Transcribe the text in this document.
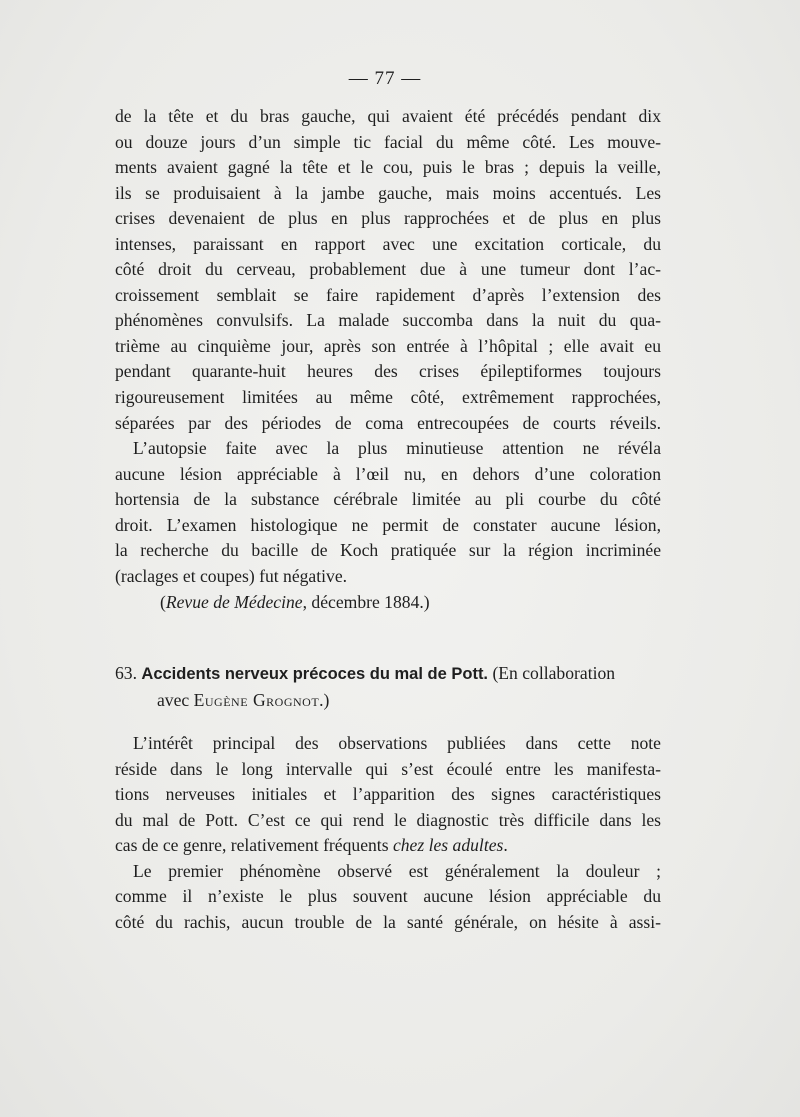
— 77 —
de la tête et du bras gauche, qui avaient été précédés pendant dix
ou douze jours d’un simple tic facial du même côté. Les mouve-
ments avaient gagné la tête et le cou, puis le bras ; depuis la veille,
ils se produisaient à la jambe gauche, mais moins accentués. Les
crises devenaient de plus en plus rapprochées et de plus en plus
intenses, paraissant en rapport avec une excitation corticale, du
côté droit du cerveau, probablement due à une tumeur dont l’ac-
croissement semblait se faire rapidement d’après l’extension des
phénomènes convulsifs. La malade succomba dans la nuit du qua-
trième au cinquième jour, après son entrée à l’hôpital ; elle avait eu
pendant quarante-huit heures des crises épileptiformes toujours
rigoureusement limitées au même côté, extrêmement rapprochées,
séparées par des périodes de coma entrecoupées de courts réveils.
L’autopsie faite avec la plus minutieuse attention ne révéla
aucune lésion appréciable à l’œil nu, en dehors d’une coloration
hortensia de la substance cérébrale limitée au pli courbe du côté
droit. L’examen histologique ne permit de constater aucune lésion,
la recherche du bacille de Koch pratiquée sur la région incriminée
(raclages et coupes) fut négative.
(Revue de Médecine, décembre 1884.)
63. Accidents nerveux précoces du mal de Pott. (En collaboration
avec Eugène Grognot.)
L’intérêt principal des observations publiées dans cette note
réside dans le long intervalle qui s’est écoulé entre les manifesta-
tions nerveuses initiales et l’apparition des signes caractéristiques
du mal de Pott. C’est ce qui rend le diagnostic très difficile dans les
cas de ce genre, relativement fréquents chez les adultes.
Le premier phénomène observé est généralement la douleur ;
comme il n’existe le plus souvent aucune lésion appréciable du
côté du rachis, aucun trouble de la santé générale, on hésite à assi-
